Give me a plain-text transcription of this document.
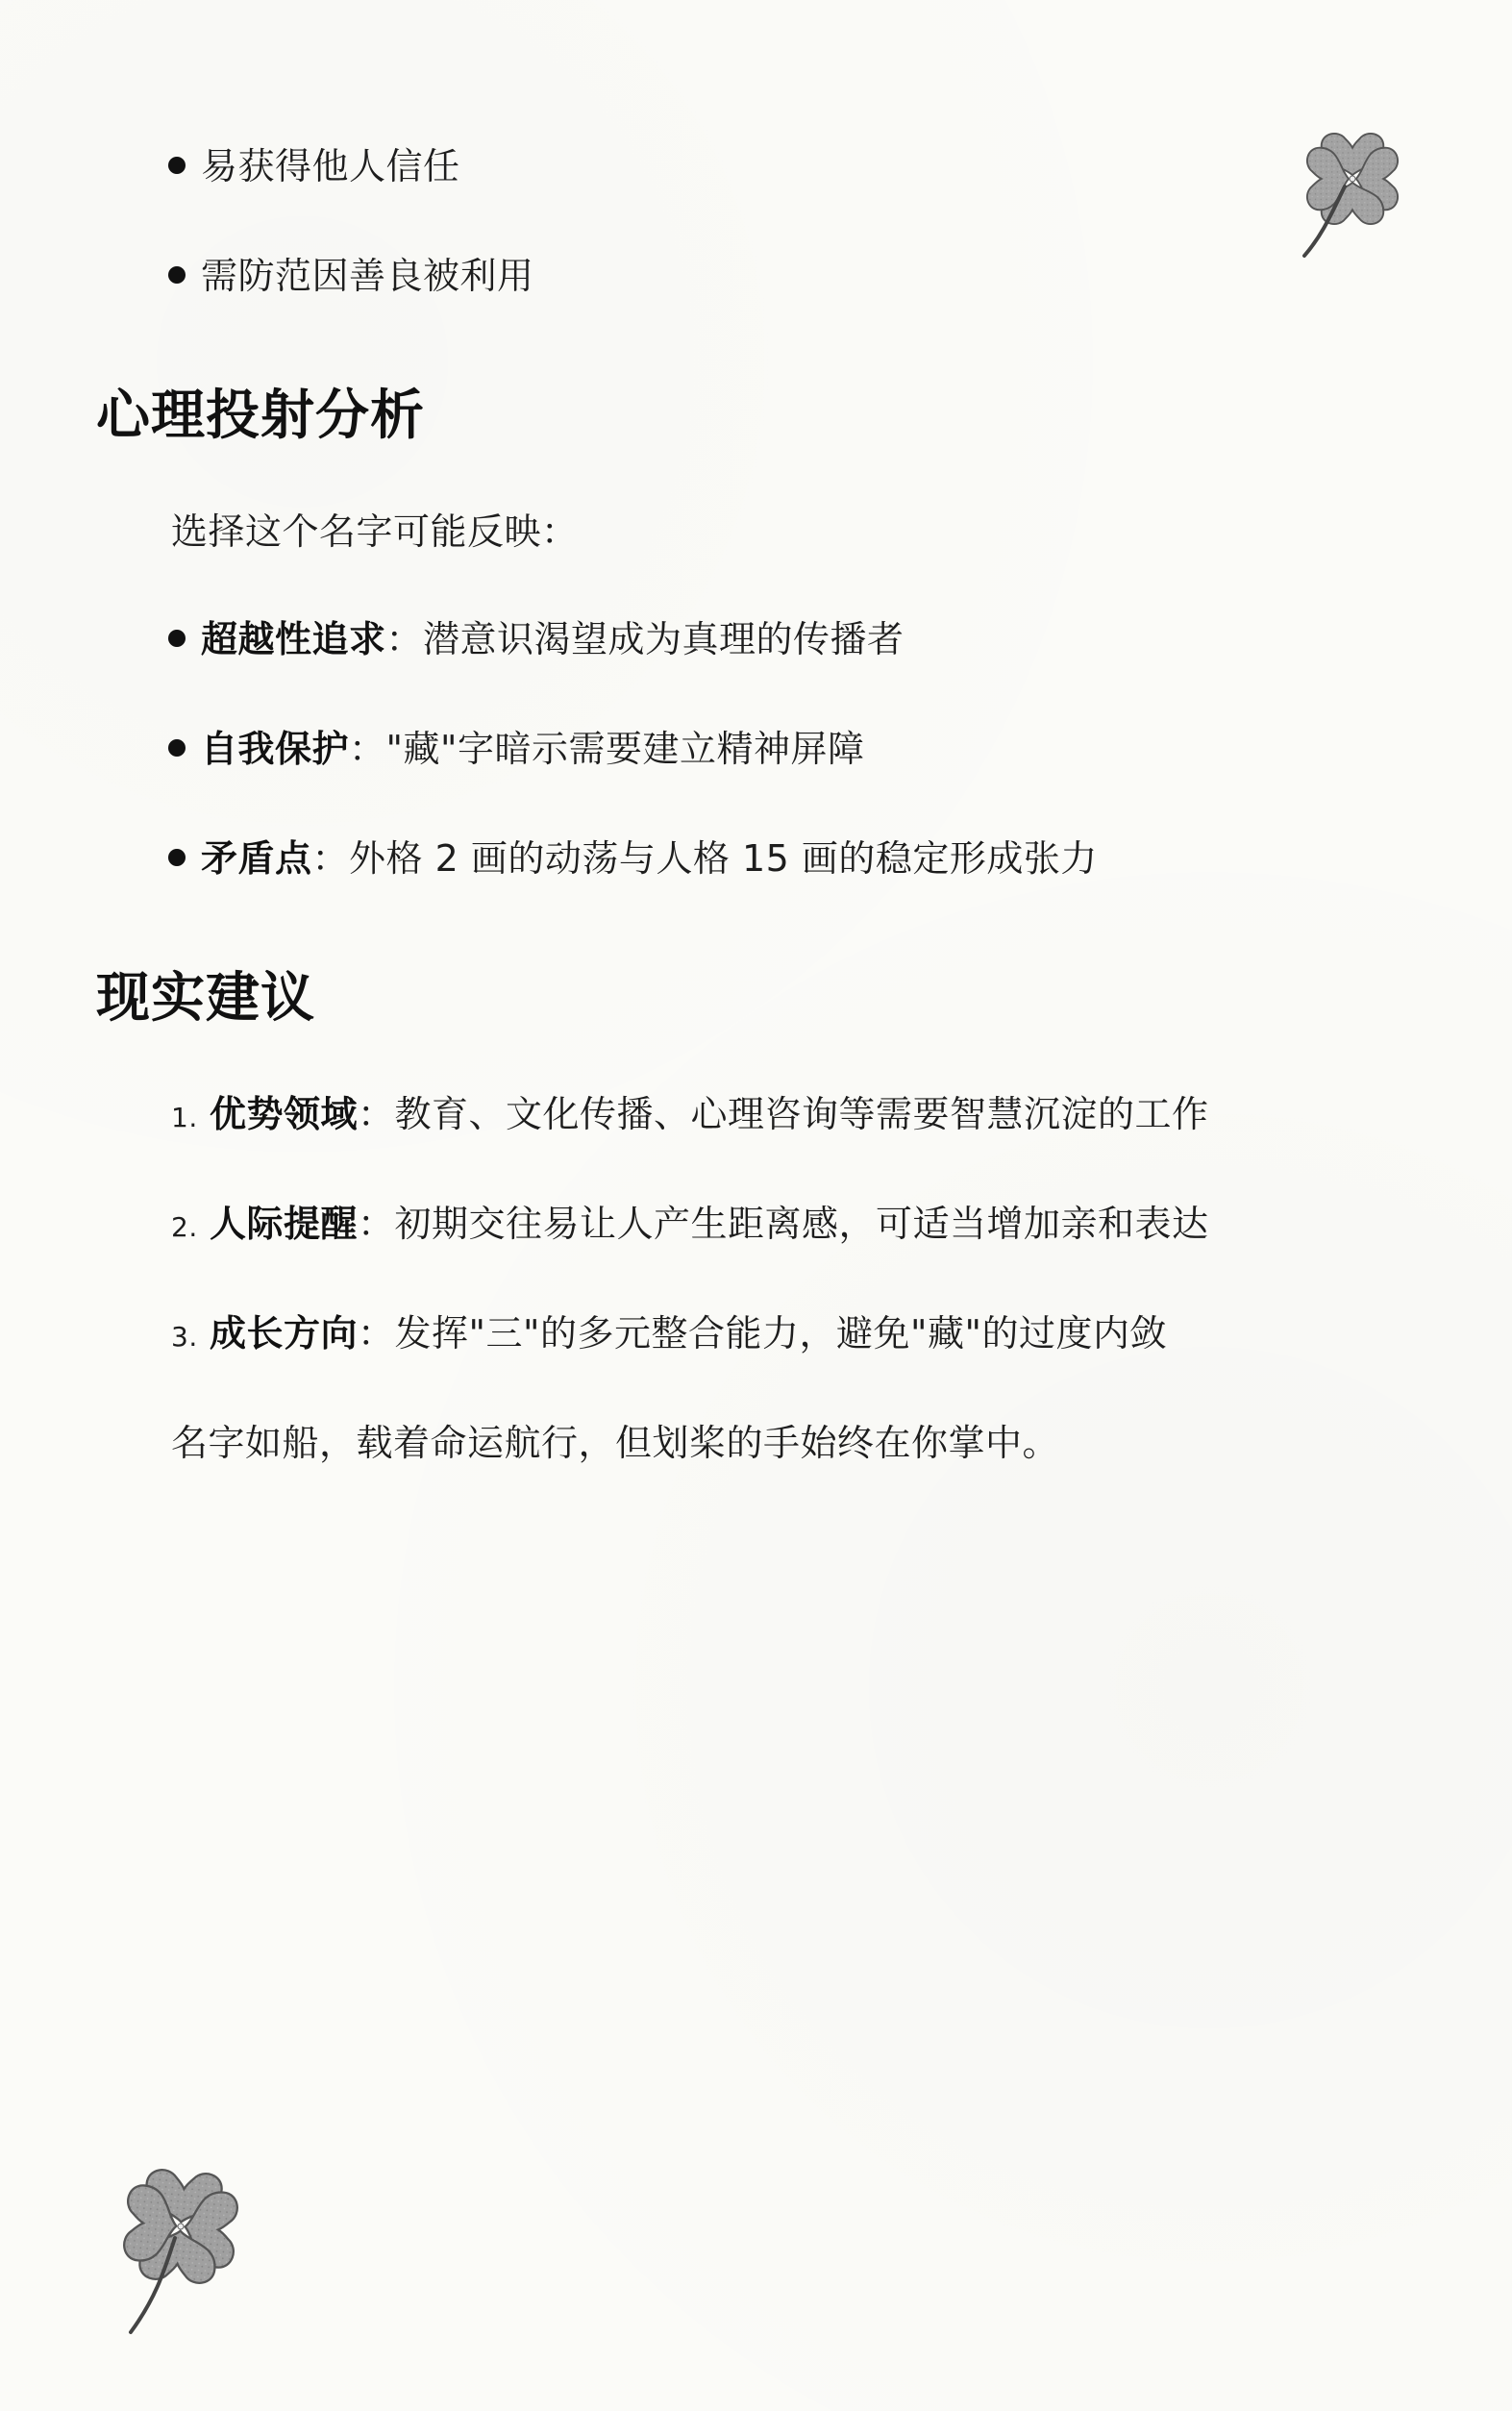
易获得他人信任
需防范因善良被利用
心理投射分析
选择这个名字可能反映：
超越性追求：潜意识渴望成为真理的传播者
自我保护："藏"字暗示需要建立精神屏障
矛盾点：外格 2 画的动荡与人格 15 画的稳定形成张力
现实建议
1. 优势领域：教育、文化传播、心理咨询等需要智慧沉淀的工作
2. 人际提醒：初期交往易让人产生距离感，可适当增加亲和表达
3. 成长方向：发挥"三"的多元整合能力，避免"藏"的过度内敛
名字如船，载着命运航行，但划桨的手始终在你掌中。
